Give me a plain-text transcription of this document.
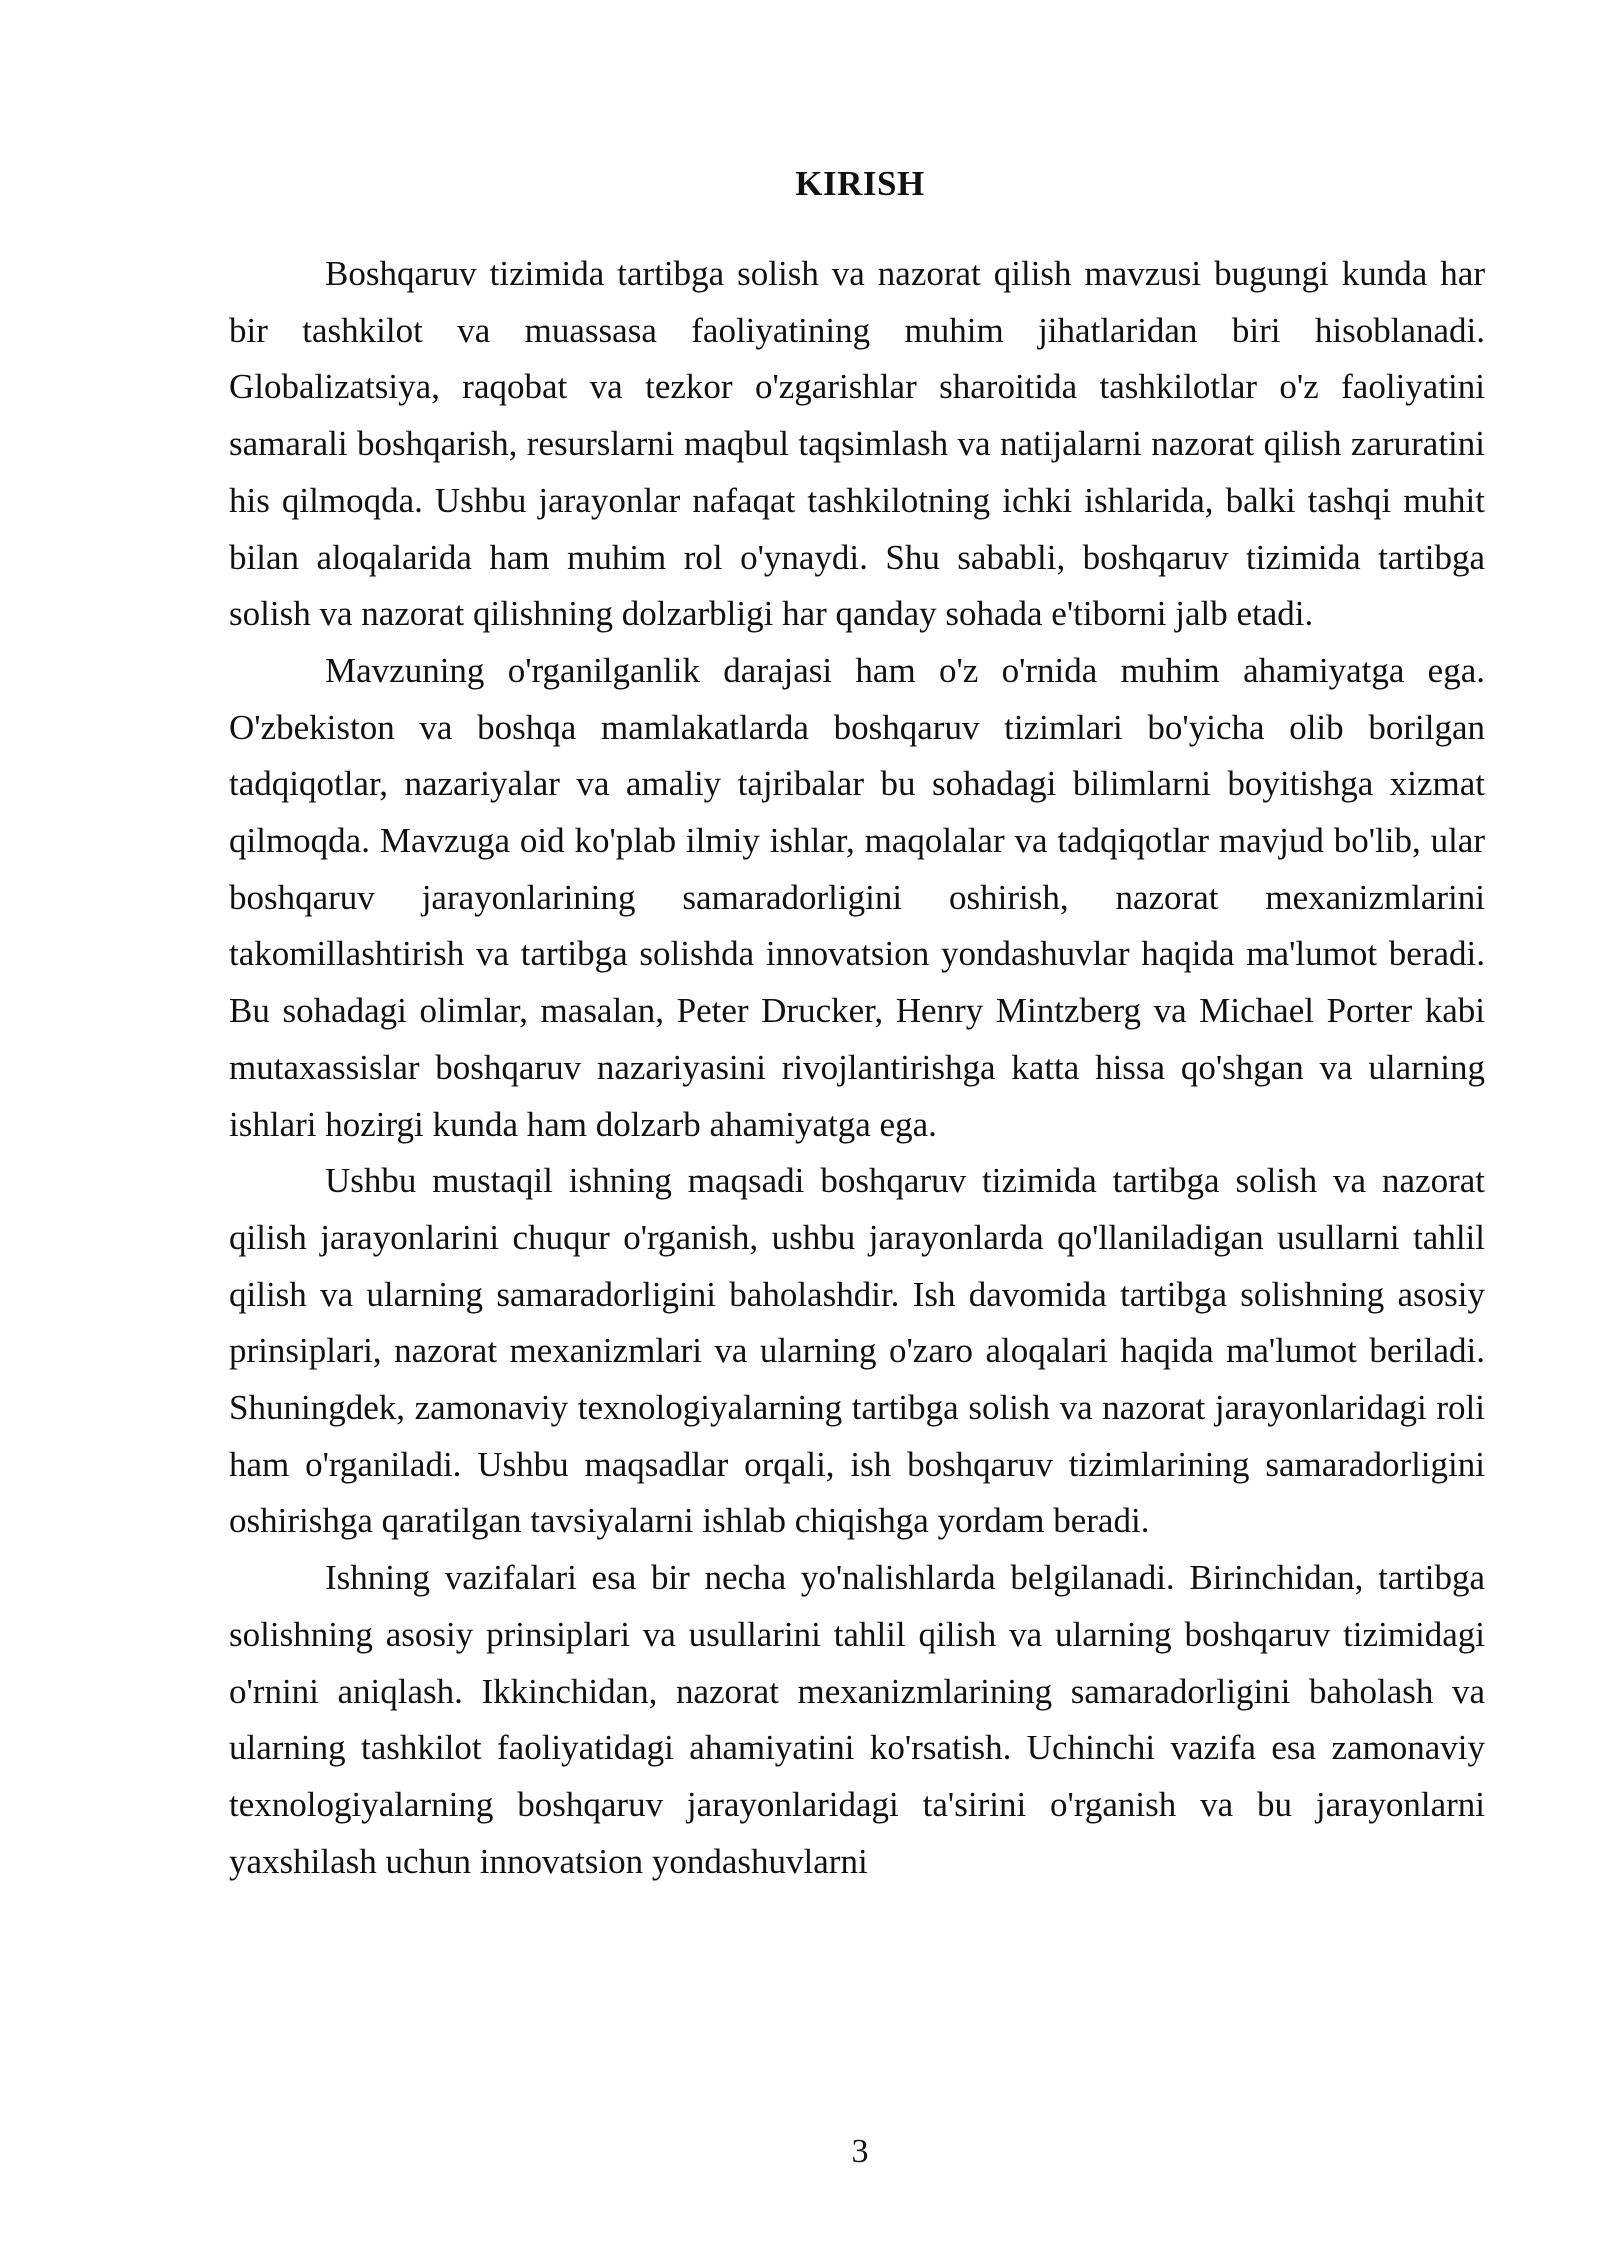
KIRISH

Boshqaruv tizimida tartibga solish va nazorat qilish mavzusi bugungi kunda har bir tashkilot va muassasa faoliyatining muhim jihatlaridan biri hisoblanadi. Globalizatsiya, raqobat va tezkor o'zgarishlar sharoitida tashkilotlar o'z faoliyatini samarali boshqarish, resurslarni maqbul taqsimlash va natijalarni nazorat qilish zaruratini his qilmoqda. Ushbu jarayonlar nafaqat tashkilotning ichki ishlarida, balki tashqi muhit bilan aloqalarida ham muhim rol o'ynaydi. Shu sababli, boshqaruv tizimida tartibga solish va nazorat qilishning dolzarbligi har qanday sohada e'tiborni jalb etadi.

Mavzuning o'rganilganlik darajasi ham o'z o'rnida muhim ahamiyatga ega. O'zbekiston va boshqa mamlakatlarda boshqaruv tizimlari bo'yicha olib borilgan tadqiqotlar, nazariyalar va amaliy tajribalar bu sohadagi bilimlarni boyitishga xizmat qilmoqda. Mavzuga oid ko'plab ilmiy ishlar, maqolalar va tadqiqotlar mavjud bo'lib, ular boshqaruv jarayonlarining samaradorligini oshirish, nazorat mexanizmlarini takomillashtirish va tartibga solishda innovatsion yondashuvlar haqida ma'lumot beradi. Bu sohadagi olimlar, masalan, Peter Drucker, Henry Mintzberg va Michael Porter kabi mutaxassislar boshqaruv nazariyasini rivojlantirishga katta hissa qo'shgan va ularning ishlari hozirgi kunda ham dolzarb ahamiyatga ega.

Ushbu mustaqil ishning maqsadi boshqaruv tizimida tartibga solish va nazorat qilish jarayonlarini chuqur o'rganish, ushbu jarayonlarda qo'llaniladigan usullarni tahlil qilish va ularning samaradorligini baholashdir. Ish davomida tartibga solishning asosiy prinsiplari, nazorat mexanizmlari va ularning o'zaro aloqalari haqida ma'lumot beriladi. Shuningdek, zamonaviy texnologiyalarning tartibga solish va nazorat jarayonlaridagi roli ham o'rganiladi. Ushbu maqsadlar orqali, ish boshqaruv tizimlarining samaradorligini oshirishga qaratilgan tavsiyalarni ishlab chiqishga yordam beradi.

Ishning vazifalari esa bir necha yo'nalishlarda belgilanadi. Birinchidan, tartibga solishning asosiy prinsiplari va usullarini tahlil qilish va ularning boshqaruv tizimidagi o'rnini aniqlash. Ikkinchidan, nazorat mexanizmlarining samaradorligini baholash va ularning tashkilot faoliyatidagi ahamiyatini ko'rsatish. Uchinchi vazifa esa zamonaviy texnologiyalarning boshqaruv jarayonlaridagi ta'sirini o'rganish va bu jarayonlarni yaxshilash uchun innovatsion yondashuvlarni

3
